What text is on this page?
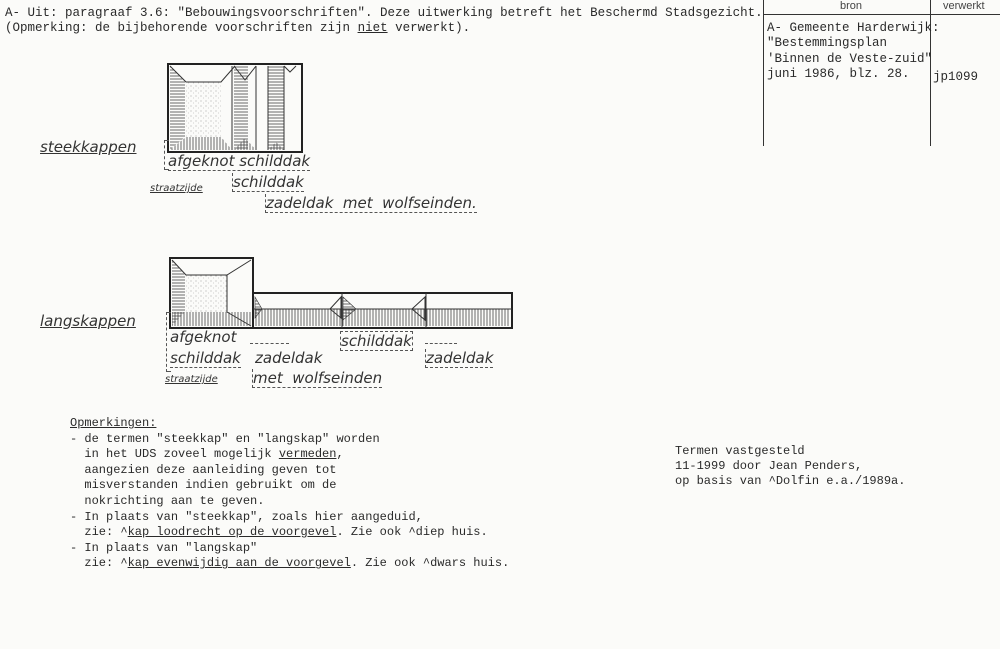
A- Uit: paragraaf 3.6: "Bebouwingsvoorschriften". Deze uitwerking betreft het Beschermd Stadsgezicht.
(Opmerking: de bijbehorende voorschriften zijn niet verwerkt).
bron	verwerkt
A- Gemeente Harderwijk:
"Bestemmingsplan
'Binnen de Veste-zuid"
juni 1986, blz. 28. jp1099
steekkappen
afgeknot schilddak
straatzijde schilddak
zadeldak  met  wolfseinden.
langskappen
afgeknot
schilddak
straatzijde
zadeldak
met  wolfseinden
schilddak
zadeldak
Opmerkingen:
- de termen "steekkap" en "langskap" worden
in het UDS zoveel mogelijk vermeden,
aangezien deze aanleiding geven tot
misverstanden indien gebruikt om de
nokrichting aan te geven.
- In plaats van "steekkap", zoals hier aangeduid,
zie: ^kap loodrecht op de voorgevel. Zie ook ^diep huis.
- In plaats van "langskap"
zie: ^kap evenwijdig aan de voorgevel. Zie ook ^dwars huis.
Termen vastgesteld
11-1999 door Jean Penders,
op basis van ^Dolfin e.a./1989a.
